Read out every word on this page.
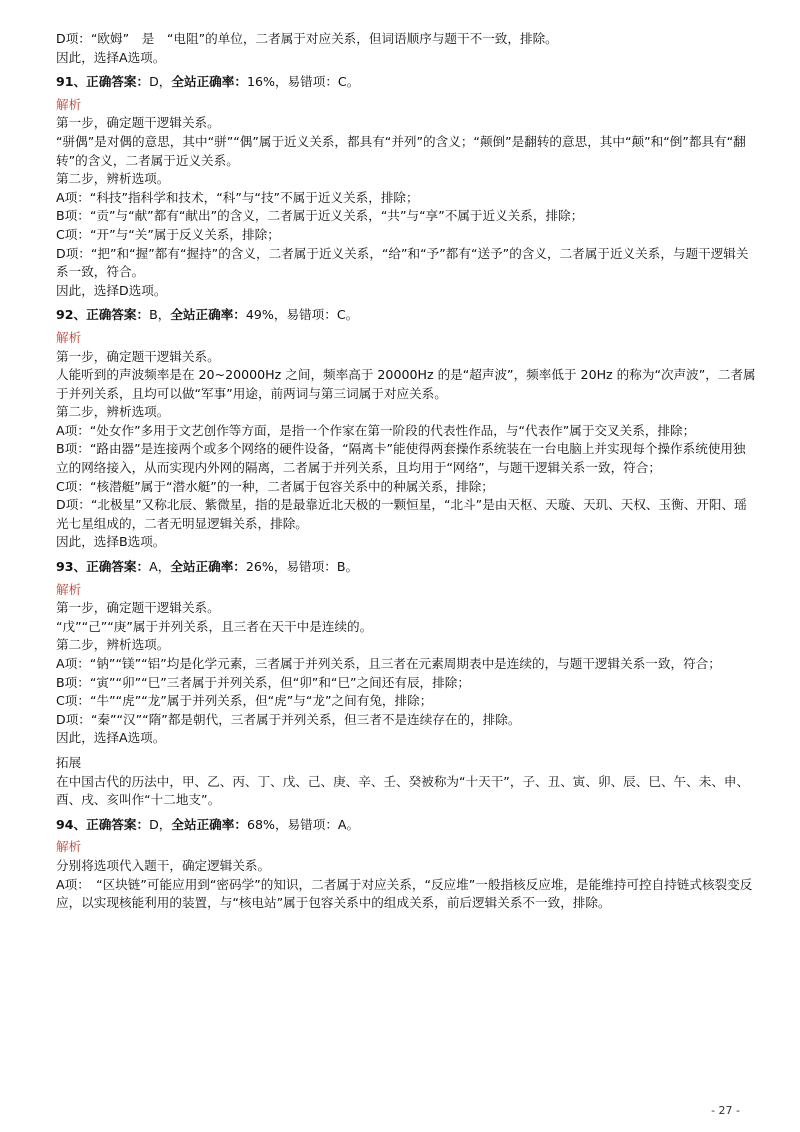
D项：“欧姆”　是　“电阻”的单位，二者属于对应关系，但词语顺序与题干不一致，排除。
因此，选择A选项。
91、正确答案：D，全站正确率：16%，易错项：C。
解析
第一步，确定题干逻辑关系。
“骈偶”是对偶的意思，其中“骈”“偶”属于近义关系，都具有“并列”的含义；“颠倒”是翻转的意思，其中“颠”和“倒”都具有“翻转”的含义，二者属于近义关系。
第二步，辨析选项。
A项：“科技”指科学和技术，“科”与“技”不属于近义关系，排除；
B项：“贡”与“献”都有“献出”的含义，二者属于近义关系，“共”与“享”不属于近义关系，排除；
C项：“开”与“关”属于反义关系，排除；
D项：“把”和“握”都有“握持”的含义，二者属于近义关系，“给”和“予”都有“送予”的含义，二者属于近义关系，与题干逻辑关系一致，符合。
因此，选择D选项。
92、正确答案：B，全站正确率：49%，易错项：C。
解析
第一步，确定题干逻辑关系。
人能听到的声波频率是在 20~20000Hz 之间，频率高于 20000Hz 的是“超声波”，频率低于 20Hz 的称为“次声波”，二者属于并列关系，且均可以做“军事”用途，前两词与第三词属于对应关系。
第二步，辨析选项。
A项：“处女作”多用于文艺创作等方面，是指一个作家在第一阶段的代表性作品，与“代表作”属于交叉关系，排除；
B项：“路由器”是连接两个或多个网络的硬件设备，“隔离卡”能使得两套操作系统装在一台电脑上并实现每个操作系统使用独立的网络接入，从而实现内外网的隔离，二者属于并列关系，且均用于“网络”，与题干逻辑关系一致，符合；
C项：“核潜艇”属于“潜水艇”的一种，二者属于包容关系中的种属关系，排除；
D项：“北极星”又称北辰、紫微星，指的是最靠近北天极的一颗恒星，“北斗”是由天枢、天璇、天玑、天权、玉衡、开阳、瑶光七星组成的，二者无明显逻辑关系，排除。
因此，选择B选项。
93、正确答案：A，全站正确率：26%，易错项：B。
解析
第一步，确定题干逻辑关系。
“戊”“己”“庚”属于并列关系，且三者在天干中是连续的。
第二步，辨析选项。
A项：“钠”“镁”“铝”均是化学元素，三者属于并列关系，且三者在元素周期表中是连续的，与题干逻辑关系一致，符合；
B项：“寅”“卯”“巳”三者属于并列关系，但“卯”和“巳”之间还有辰，排除；
C项：“牛”“虎”“龙”属于并列关系，但“虎”与“龙”之间有兔，排除；
D项：“秦”“汉”“隋”都是朝代，三者属于并列关系，但三者不是连续存在的，排除。
因此，选择A选项。
拓展
在中国古代的历法中，甲、乙、丙、丁、戊、己、庚、辛、壬、癸被称为“十天干”，子、丑、寅、卯、辰、巳、午、未、申、酉、戌、亥叫作“十二地支”。
94、正确答案：D，全站正确率：68%，易错项：A。
解析
分别将选项代入题干，确定逻辑关系。
A项：　“区块链”可能应用到“密码学”的知识，二者属于对应关系，“反应堆”一般指核反应堆，是能维持可控自持链式核裂变反应，以实现核能利用的装置，与“核电站”属于包容关系中的组成关系，前后逻辑关系不一致，排除。
- 27 -
